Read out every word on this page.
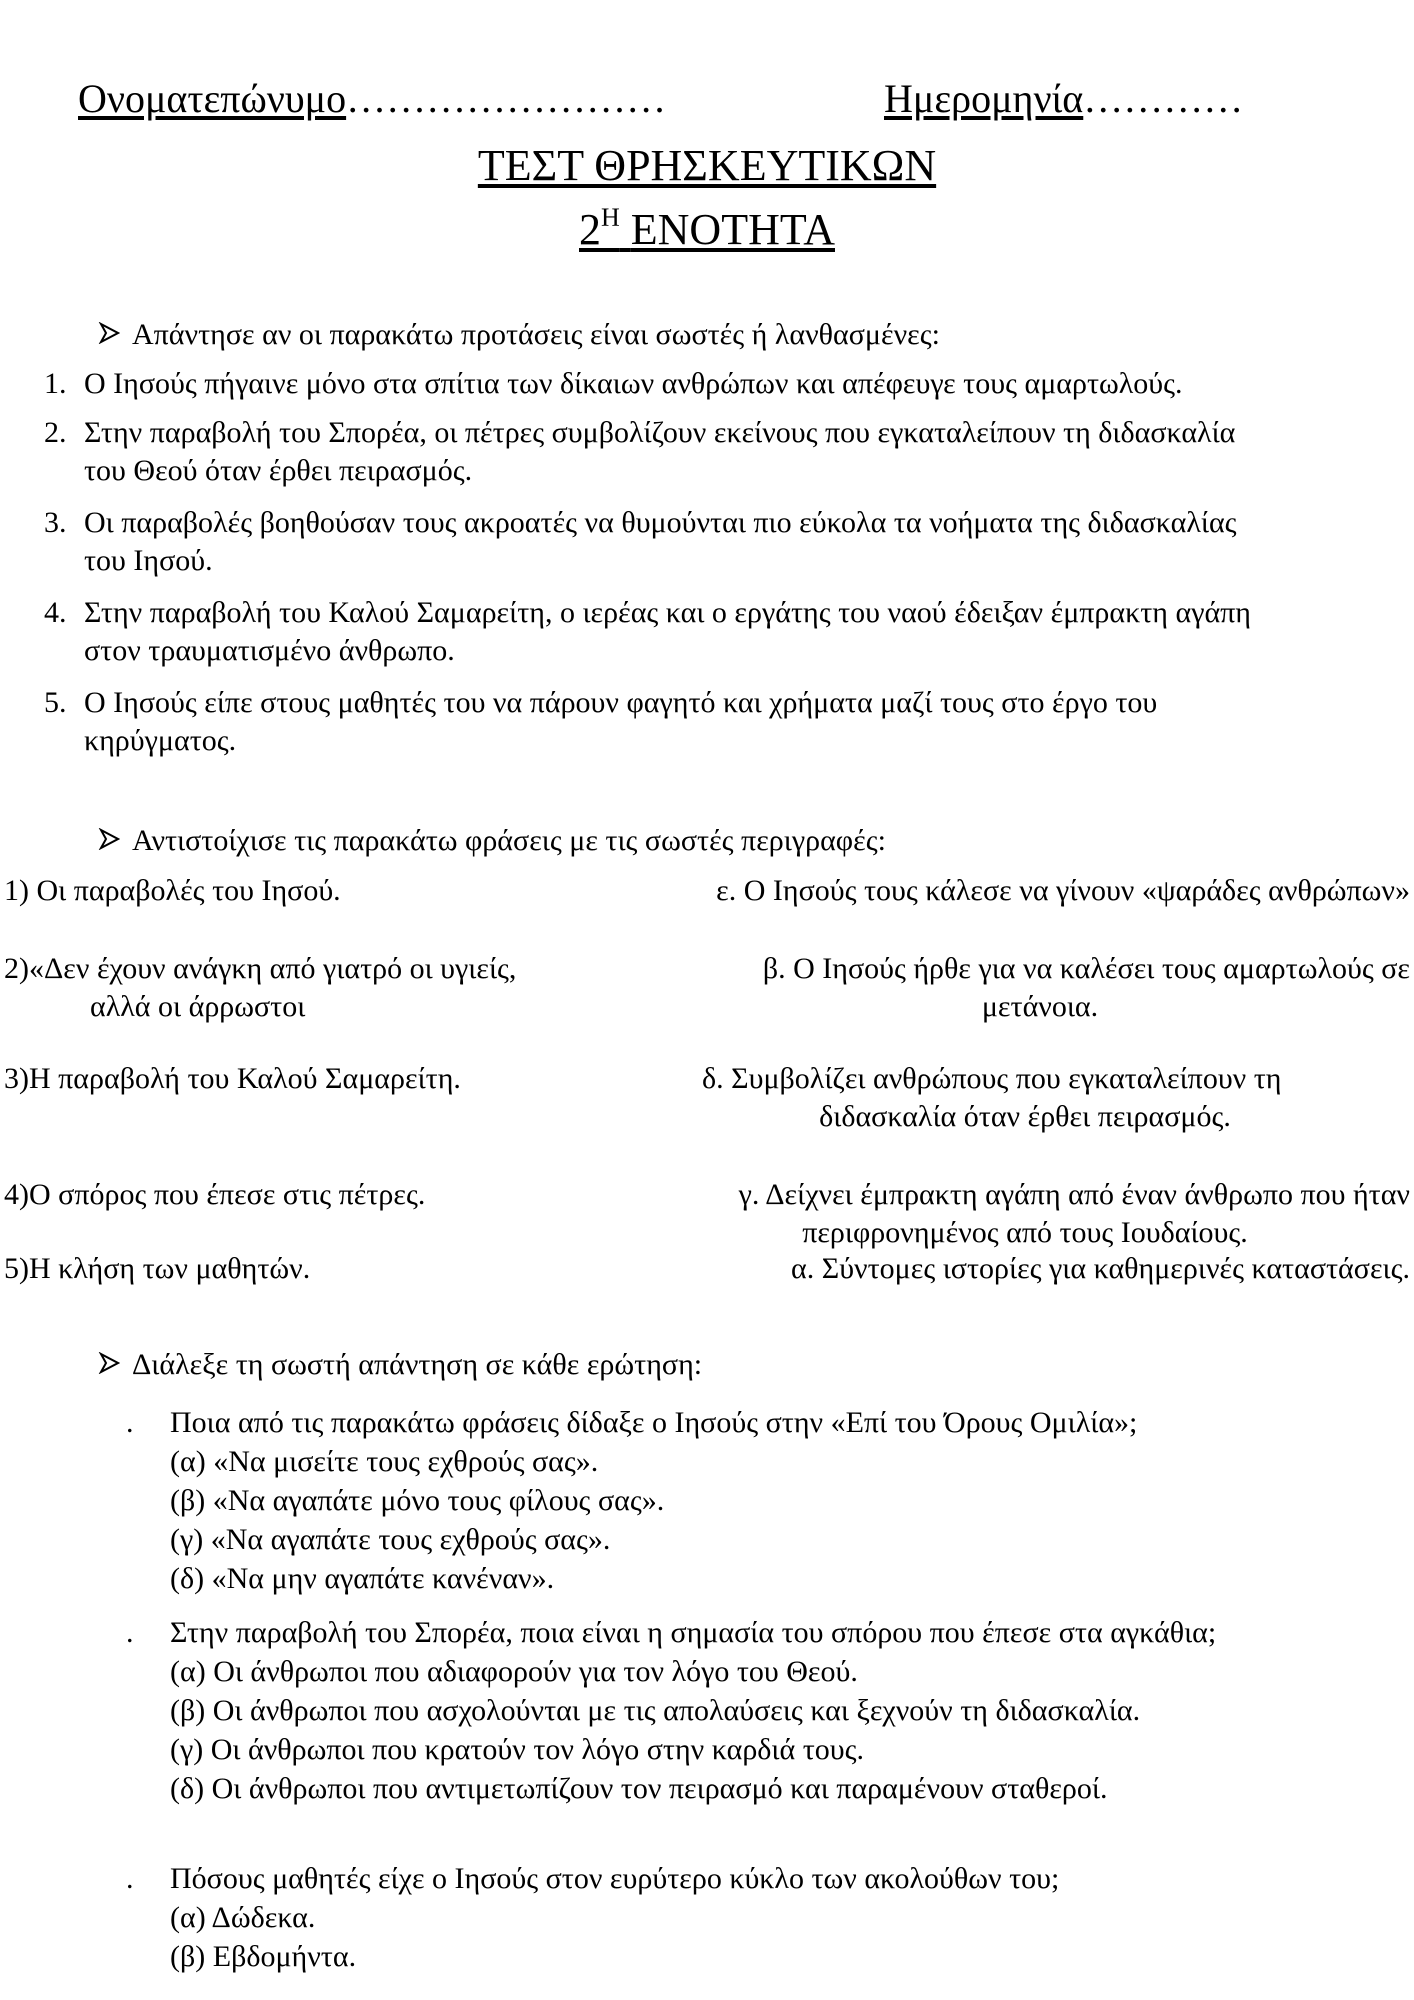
Ονοματεπώνυμο……………………	Ημερομηνία…………
ΤΕΣΤ ΘΡΗΣΚΕΥΤΙΚΩΝ
$2^H$ ΕΝΟΤΗΤΑ
Απάντησε αν οι παρακάτω προτάσεις είναι σωστές ή λανθασμένες:
1. Ο Ιησούς πήγαινε μόνο στα σπίτια των δίκαιων ανθρώπων και απέφευγε τους αμαρτωλούς.
2. Στην παραβολή του Σπορέα, οι πέτρες συμβολίζουν εκείνους που εγκαταλείπουν τη διδασκαλία
του Θεού όταν έρθει πειρασμός.
3. Οι παραβολές βοηθούσαν τους ακροατές να θυμούνται πιο εύκολα τα νοήματα της διδασκαλίας
του Ιησού.
4. Στην παραβολή του Καλού Σαμαρείτη, ο ιερέας και ο εργάτης του ναού έδειξαν έμπρακτη αγάπη
στον τραυματισμένο άνθρωπο.
5. Ο Ιησούς είπε στους μαθητές του να πάρουν φαγητό και χρήματα μαζί τους στο έργο του
κηρύγματος.
Αντιστοίχισε τις παρακάτω φράσεις με τις σωστές περιγραφές:
1) Οι παραβολές του Ιησού.
2)«Δεν έχουν ανάγκη από γιατρό οι υγιείς,
αλλά οι άρρωστοι
3)Η παραβολή του Καλού Σαμαρείτη.
4)Ο σπόρος που έπεσε στις πέτρες.
5)Η κλήση των μαθητών.
ε. Ο Ιησούς τους κάλεσε να γίνουν «ψαράδες ανθρώπων»
β. Ο Ιησούς ήρθε για να καλέσει τους αμαρτωλούς σε
μετάνοια.
δ. Συμβολίζει ανθρώπους που εγκαταλείπουν τη
διδασκαλία όταν έρθει πειρασμός.
γ. Δείχνει έμπρακτη αγάπη από έναν άνθρωπο που ήταν
περιφρονημένος από τους Ιουδαίους.
α. Σύντομες ιστορίες για καθημερινές καταστάσεις.
Διάλεξε τη σωστή απάντηση σε κάθε ερώτηση:
. Ποια από τις παρακάτω φράσεις δίδαξε ο Ιησούς στην «Επί του Όρους Ομιλία»;
(α) «Να μισείτε τους εχθρούς σας».
(β) «Να αγαπάτε μόνο τους φίλους σας».
(γ) «Να αγαπάτε τους εχθρούς σας».
(δ) «Να μην αγαπάτε κανέναν».
. Στην παραβολή του Σπορέα, ποια είναι η σημασία του σπόρου που έπεσε στα αγκάθια;
(α) Οι άνθρωποι που αδιαφορούν για τον λόγο του Θεού.
(β) Οι άνθρωποι που ασχολούνται με τις απολαύσεις και ξεχνούν τη διδασκαλία.
(γ) Οι άνθρωποι που κρατούν τον λόγο στην καρδιά τους.
(δ) Οι άνθρωποι που αντιμετωπίζουν τον πειρασμό και παραμένουν σταθεροί.
. Πόσους μαθητές είχε ο Ιησούς στον ευρύτερο κύκλο των ακολούθων του;
(α) Δώδεκα.
(β) Εβδομήντα.
